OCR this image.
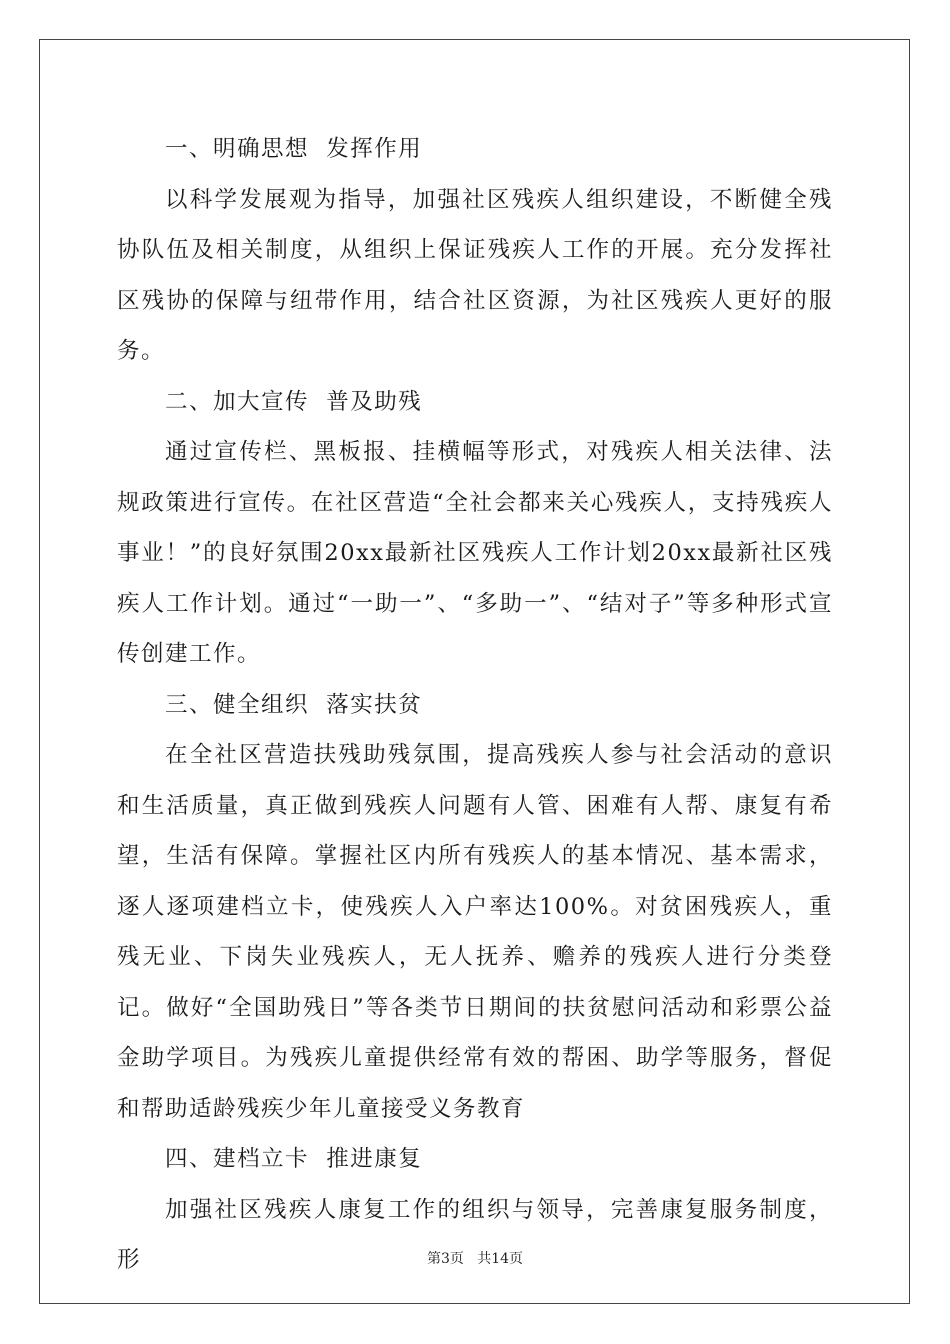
一、明确思想  发挥作用

以科学发展观为指导，加强社区残疾人组织建设，不断健全残协队伍及相关制度，从组织上保证残疾人工作的开展。充分发挥社区残协的保障与纽带作用，结合社区资源，为社区残疾人更好的服务。

二、加大宣传  普及助残

通过宣传栏、黑板报、挂横幅等形式，对残疾人相关法律、法规政策进行宣传。在社区营造“全社会都来关心残疾人，支持残疾人事业！”的良好氛围20xx最新社区残疾人工作计划20xx最新社区残疾人工作计划。通过“一助一”、“多助一”、“结对子”等多种形式宣传创建工作。

三、健全组织  落实扶贫

在全社区营造扶残助残氛围，提高残疾人参与社会活动的意识和生活质量，真正做到残疾人问题有人管、困难有人帮、康复有希望，生活有保障。掌握社区内所有残疾人的基本情况、基本需求，逐人逐项建档立卡，使残疾人入户率达100%。对贫困残疾人，重残无业、下岗失业残疾人，无人抚养、赡养的残疾人进行分类登记。做好“全国助残日”等各类节日期间的扶贫慰问活动和彩票公益金助学项目。为残疾儿童提供经常有效的帮困、助学等服务，督促和帮助适龄残疾少年儿童接受义务教育

四、建档立卡  推进康复

加强社区残疾人康复工作的组织与领导，完善康复服务制度，形	第3页   共14页
